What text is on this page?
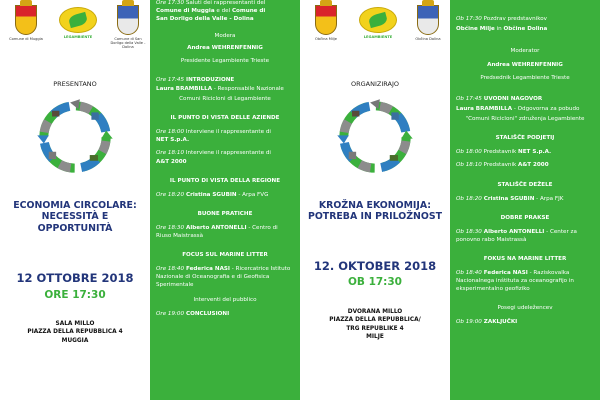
Comune di Muggia	LEGAMBIENTE	Comune di San Dorligo della Valle - Dolina
PRESENTANO
ECONOMIA CIRCOLARE:
NECESSITÀ E
OPPORTUNITÀ
12 OTTOBRE 2018
ORE 17:30
SALA MILLO
PIAZZA DELLA REPUBBLICA 4
MUGGIA
Ore 17:30 Saluti dei rappresentanti del
Comune di Muggia e del Comune di
San Dorligo della Valle - Dolina
Modera
Andrea WEHRENFENNIG
Presidente Legambiente Trieste
Ore 17:45 INTRODUZIONE
Laura BRAMBILLA - Responsabile Nazionale

Comuni Ricicloni di Legambiente
IL PUNTO DI VISTA DELLE AZIENDE
Ore 18:00 Interviene il rappresentante di
NET S.p.A.
Ore 18:10 Interviene il rappresentante di
A&T 2000
IL PUNTO DI VISTA DELLA REGIONE
Ore 18:20 Cristina SGUBIN - Arpa FVG
BUONE PRATICHE
Ore 18:30 Alberto ANTONELLI - Centro di
Riuso Maistrassà
FOCUS SUL MARINE LITTER
Ore 18:40 Federica NASI - Ricercatrice Istituto
Nazionale di Oceanografia e di Geofisica
Sperimentale
Interventi del pubblico
Ore 19:00 CONCLUSIONI
Občina Milje	LEGAMBIENTE	Občina Dolina
ORGANIZIRAJO
KROŽNA EKONOMIJA:
POTREBA IN PRILOŽNOST
12. OKTOBER 2018
OB 17:30
DVORANA MILLO
PIAZZA DELLA REPUBBLICA/
TRG REPUBLIKE 4
MILJE
Ob 17:30 Pozdrav predstavnikov
Občine Milje in Občine Dolina
Moderator
Andrea WEHRENFENNIG
Predsednik Legambiente Trieste
Ob 17:45 UVODNI NAGOVOR
Laura BRAMBILLA - Odgovorna za pobudo

"Comuni Ricicloni" združenja Legambiente
STALIŠČE PODJETIJ
Ob 18:00 Predstavnik NET S.p.A.
Ob 18:10 Predstavnik A&T 2000
STALIŠČE DEŽELE
Ob 18:20 Cristina SGUBIN - Arpa FJK
DOBRE PRAKSE
Ob 18:30 Alberto ANTONELLI - Center za
ponovno rabo Maistrassà
FOKUS NA MARINE LITTER
Ob 18:40 Federica NASI - Raziskovalka
Nacionalnega inštituta za oceanografijo in
eksperimentalno geofiziko
Posegi udeležencev
Ob 19:00 ZAKLJUČKI
